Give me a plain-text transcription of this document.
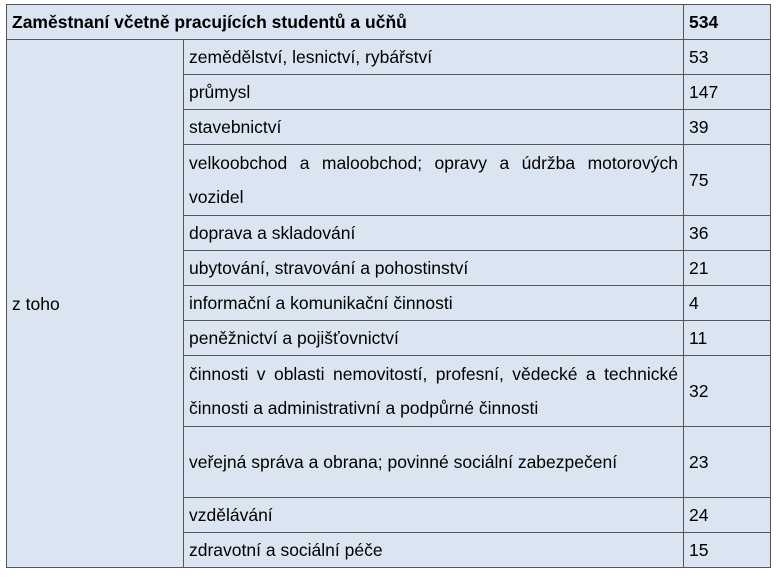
Zaměstnaní včetně pracujících studentů a učňů		534
z toho	zemědělství, lesnictví, rybářství	53
	průmysl	147
	stavebnictví	39
	velkoobchod a maloobchod; opravy a údržba motorových vozidel	75
	doprava a skladování	36
	ubytování, stravování a pohostinství	21
	informační a komunikační činnosti	4
	peněžnictví a pojišťovnictví	11
	činnosti v oblasti nemovitostí, profesní, vědecké a technické činnosti a administrativní a podpůrné činnosti	32
	veřejná správa a obrana; povinné sociální zabezpečení	23
	vzdělávání	24
	zdravotní a sociální péče	15
